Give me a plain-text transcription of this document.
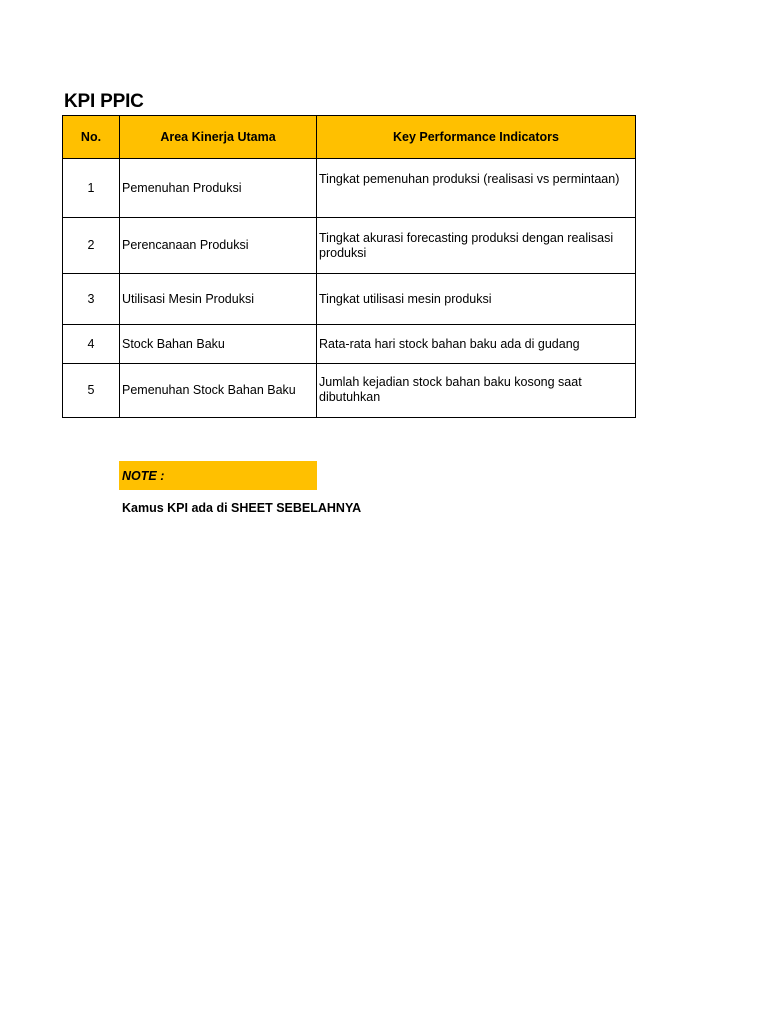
KPI PPIC
No.	Area Kinerja Utama	Key Performance Indicators
1	Pemenuhan Produksi	Tingkat pemenuhan produksi (realisasi vs permintaan)
2	Perencanaan Produksi	Tingkat akurasi forecasting produksi dengan realisasi produksi
3	Utilisasi Mesin Produksi	Tingkat utilisasi mesin produksi
4	Stock Bahan Baku	Rata-rata hari stock bahan baku ada di gudang
5	Pemenuhan Stock Bahan Baku	Jumlah kejadian stock bahan baku kosong saat dibutuhkan
NOTE :
Kamus KPI ada di SHEET SEBELAHNYA
